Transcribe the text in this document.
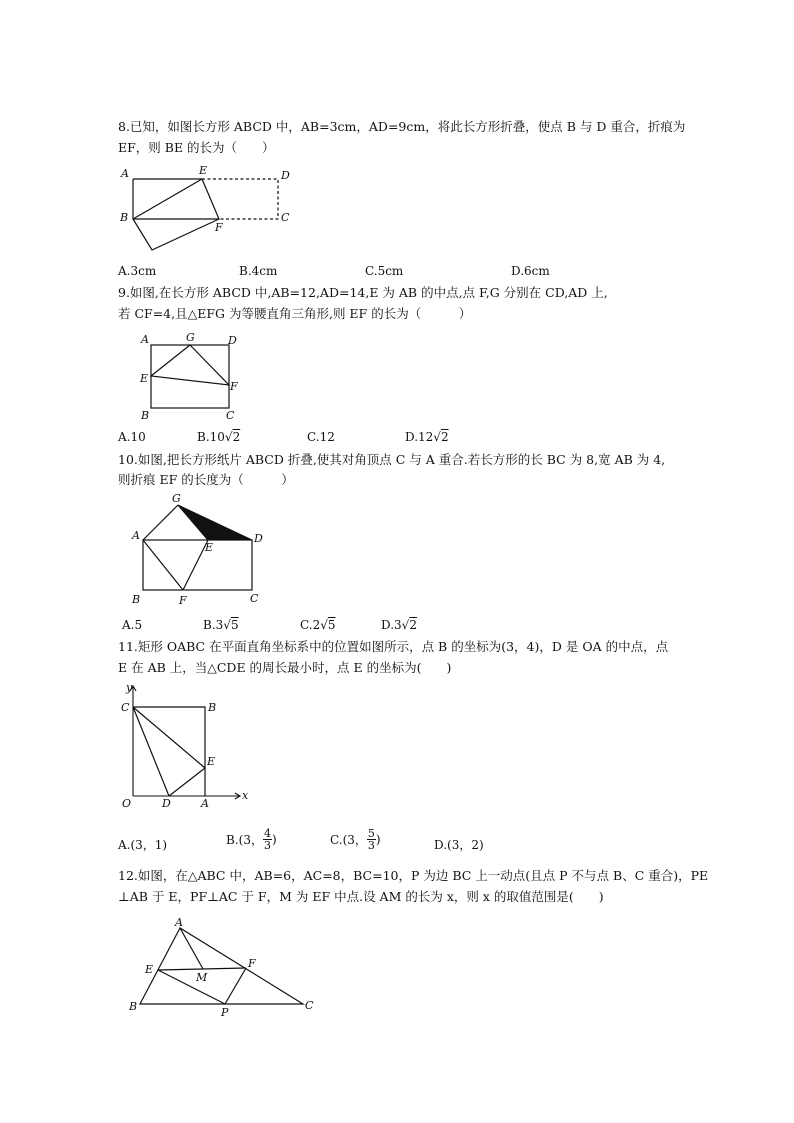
8.已知，如图长方形 ABCD 中，AB=3cm，AD=9cm，将此长方形折叠，使点 B 与 D 重合，折痕为
EF，则 BE 的长为（　　）
A	E	D
B	C
F
A.3cm	B.4cm	C.5cm	D.6cm
9.如图,在长方形 ABCD 中,AB=12,AD=14,E 为 AB 的中点,点 F,G 分别在 CD,AD 上,
若 CF=4,且△EFG 为等腰直角三角形,则 EF 的长为（　　　）
A	G	D
E
F
B	C
A.10	B.10√2	C.12	D.12√2
10.如图,把长方形纸片 ABCD 折叠,使其对角顶点 C 与 A 重合.若长方形的长 BC 为 8,宽 AB 为 4,
则折痕 EF 的长度为（　　　）
G
A
E
D
B	F	C
A.5	B.3√5	C.2√5	D.3√2
11.矩形 OABC 在平面直角坐标系中的位置如图所示，点 B 的坐标为(3，4)，D 是 OA 的中点，点
E 在 AB 上，当△CDE 的周长最小时，点 E 的坐标为(　　)
y
C	B
E
O	D	A
x
A.(3，1)	B.(3， $\frac{4}{3}$ )	C.(3， $\frac{5}{3}$ )	D.(3，2)
12.如图，在△ABC 中，AB=6，AC=8，BC=10，P 为边 BC 上一动点(且点 P 不与点 B、C 重合)，PE
⊥AB 于 E，PF⊥AC 于 F，M 为 EF 中点.设 AM 的长为 x，则 x 的取值范围是(　　)
A
E
M
F
B	P
C
